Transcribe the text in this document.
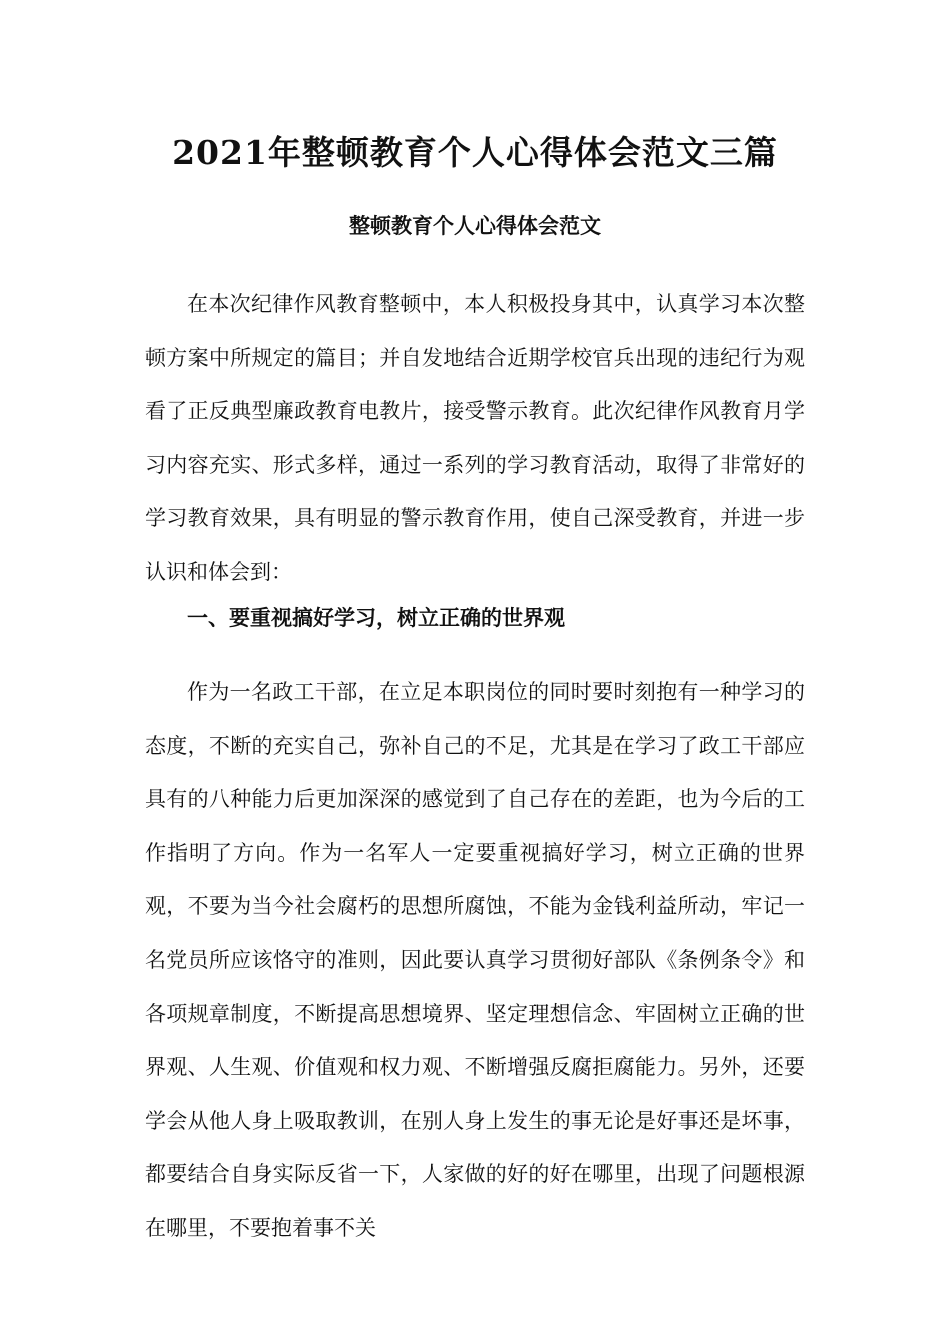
2021年整顿教育个人心得体会范文三篇
整顿教育个人心得体会范文

在本次纪律作风教育整顿中，本人积极投身其中，认真学习本次整顿方案中所规定的篇目；并自发地结合近期学校官兵出现的违纪行为观看了正反典型廉政教育电教片，接受警示教育。此次纪律作风教育月学习内容充实、形式多样，通过一系列的学习教育活动，取得了非常好的学习教育效果，具有明显的警示教育作用，使自己深受教育，并进一步认识和体会到：

一、要重视搞好学习，树立正确的世界观

作为一名政工干部，在立足本职岗位的同时要时刻抱有一种学习的态度，不断的充实自己，弥补自己的不足，尤其是在学习了政工干部应具有的八种能力后更加深深的感觉到了自己存在的差距，也为今后的工作指明了方向。作为一名军人一定要重视搞好学习，树立正确的世界观，不要为当今社会腐朽的思想所腐蚀，不能为金钱利益所动，牢记一名党员所应该恪守的准则，因此要认真学习贯彻好部队《条例条令》和各项规章制度，不断提高思想境界、坚定理想信念、牢固树立正确的世界观、人生观、价值观和权力观、不断增强反腐拒腐能力。另外，还要学会从他人身上吸取教训，在别人身上发生的事无论是好事还是坏事，都要结合自身实际反省一下，人家做的好的好在哪里，出现了问题根源在哪里，不要抱着事不关
